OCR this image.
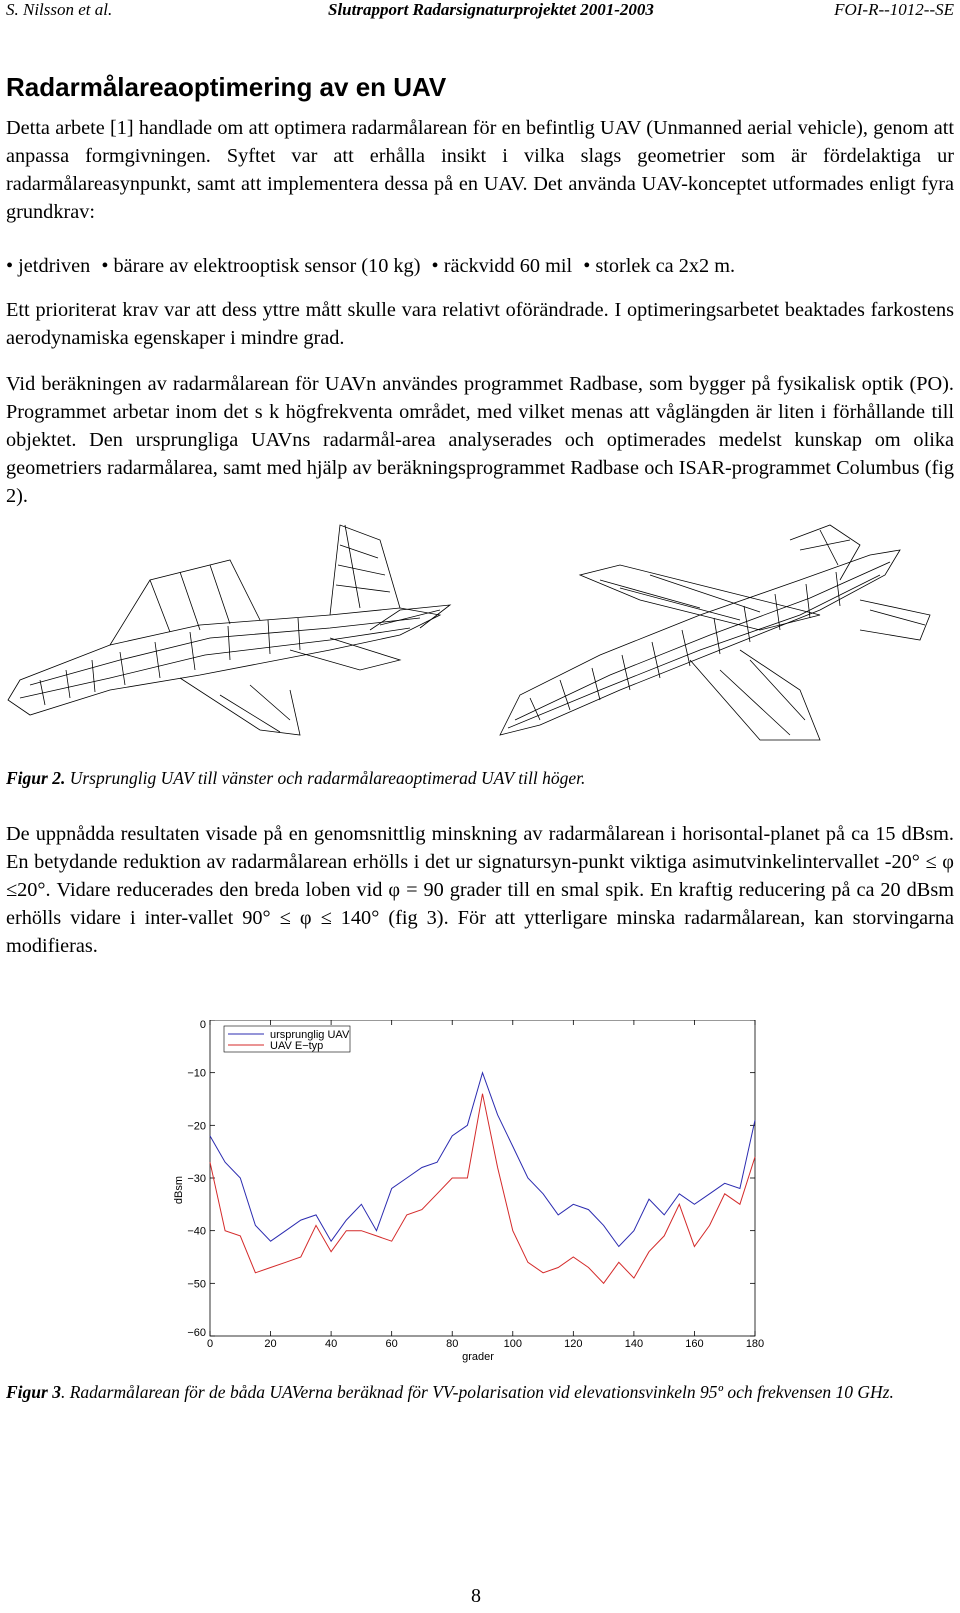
S. Nilsson et al.	Slutrapport Radarsignaturprojektet 2001-2003	FOI-R--1012--SE
Radarmålareaoptimering av en UAV

Detta arbete [1] handlade om att optimera radarmålarean för en befintlig UAV (Unmanned aerial vehicle), genom att anpassa formgivningen. Syftet var att erhålla insikt i vilka slags geometrier som är fördelaktiga ur radarmålareasynpunkt, samt att implementera dessa på en UAV. Det använda UAV-konceptet utformades enligt fyra grundkrav:

• jetdriven • bärare av elektrooptisk sensor (10 kg) • räckvidd 60 mil • storlek ca 2x2 m.

Ett prioriterat krav var att dess yttre mått skulle vara relativt oförändrade. I optimeringsarbetet beaktades farkostens aerodynamiska egenskaper i mindre grad.

Vid beräkningen av radarmålarean för UAVn användes programmet Radbase, som bygger på fysikalisk optik (PO). Programmet arbetar inom det s k högfrekventa området, med vilket menas att våglängden är liten i förhållande till objektet. Den ursprungliga UAVns radarmål-area analyserades och optimerades medelst kunskap om olika geometriers radarmålarea, samt med hjälp av beräkningsprogrammet Radbase och ISAR-programmet Columbus (fig 2).

Figur 2. Ursprunglig UAV till vänster och radarmålareaoptimerad UAV till höger.

De uppnådda resultaten visade på en genomsnittlig minskning av radarmålarean i horisontal-planet på ca 15 dBsm. En betydande reduktion av radarmålarean erhölls i det ur signatursyn-punkt viktiga asimutvinkelintervallet -20° ≤ φ ≤20°. Vidare reducerades den breda loben vid φ = 90 grader till en smal spik. En kraftig reducering på ca 20 dBsm erhölls vidare i inter-vallet 90° ≤ φ ≤ 140° (fig 3). För att ytterligare minska radarmålarean, kan storvingarna modifieras.

dBsm
grader
0
−10
−20
−30
−40
−50
−60
0	20	40	60	80	100	120	140	160	180
ursprunglig UAV
UAV E−typ

Figur 3. Radarmålarean för de båda UAVerna beräknad för VV-polarisation vid elevationsvinkeln 95º och frekvensen 10 GHz.

8
